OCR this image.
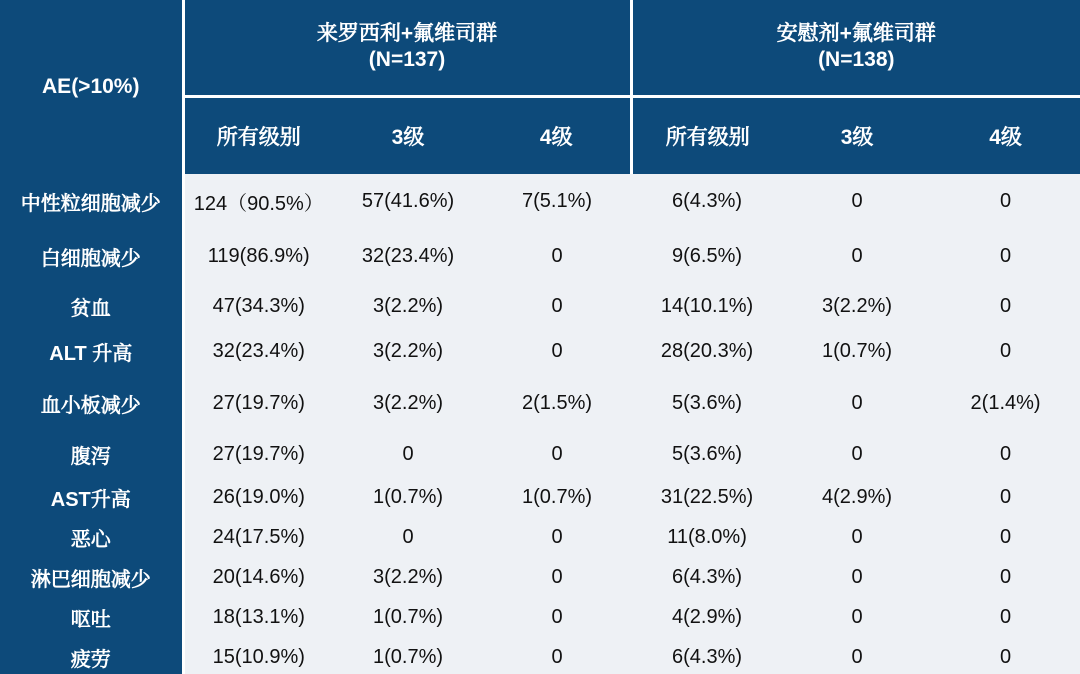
AE(>10%)	
来罗西利+氟维司群
(N=137)

安慰剂+氟维司群
(N=138)

	所有级别	3级	4级	所有级别	3级	4级
中性粒细胞减少	124（90.5%）	57(41.6%)	7(5.1%)	6(4.3%)	0	0
白细胞减少	119(86.9%)	32(23.4%)	0	9(6.5%)	0	0
贫血	47(34.3%)	3(2.2%)	0	14(10.1%)	3(2.2%)	0
ALT 升高	32(23.4%)	3(2.2%)	0	28(20.3%)	1(0.7%)	0
血小板减少	27(19.7%)	3(2.2%)	2(1.5%)	5(3.6%)	0	2(1.4%)
腹泻	27(19.7%)	0	0	5(3.6%)	0	0
AST升高	26(19.0%)	1(0.7%)	1(0.7%)	31(22.5%)	4(2.9%)	0
恶心	24(17.5%)	0	0	11(8.0%)	0	0
淋巴细胞减少	20(14.6%)	3(2.2%)	0	6(4.3%)	0	0
呕吐	18(13.1%)	1(0.7%)	0	4(2.9%)	0	0
疲劳	15(10.9%)	1(0.7%)	0	6(4.3%)	0	0
